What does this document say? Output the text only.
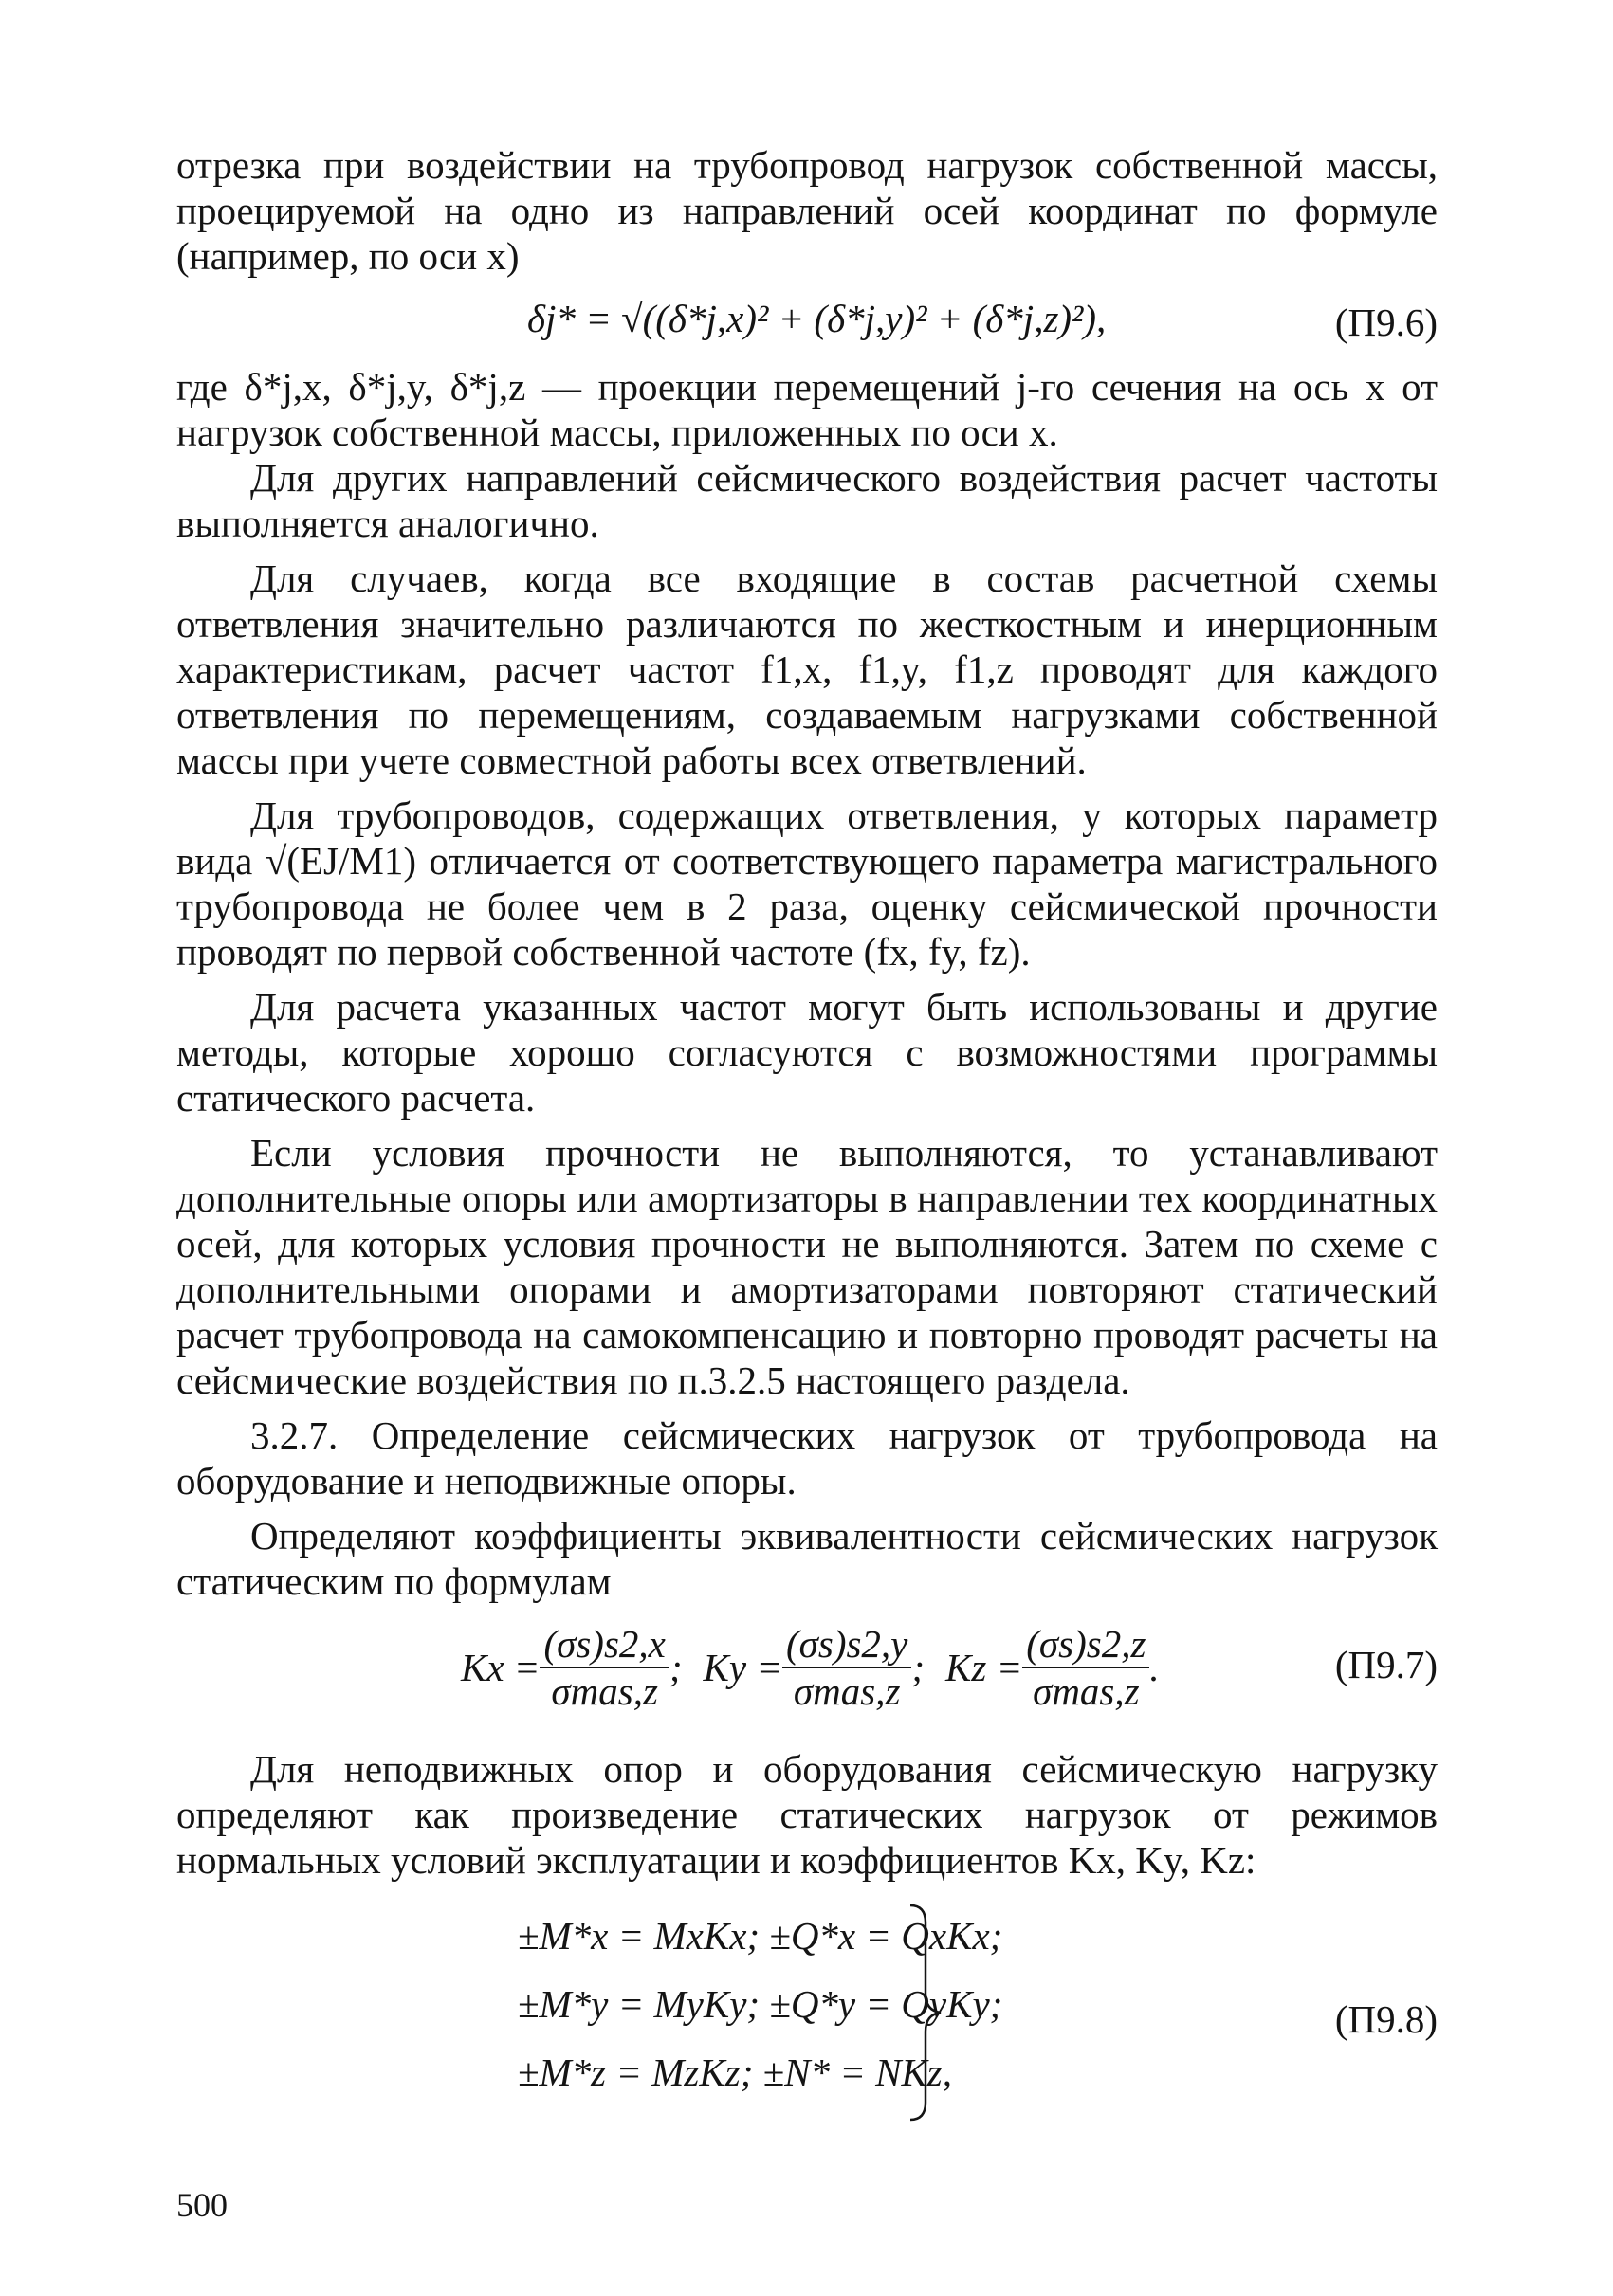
отрезка при воздействии на трубопровод нагрузок собственной массы, проецируемой на одно из направлений осей координат по формуле (например, по оси x)

δj* = √((δ*j,x)² + (δ*j,y)² + (δ*j,z)²),	(П9.6)

где δ*j,x, δ*j,y, δ*j,z — проекции перемещений j-го сечения на ось x от нагрузок собственной массы, приложенных по оси x.

Для других направлений сейсмического воздействия расчет частоты выполняется аналогично.

Для случаев, когда все входящие в состав расчетной схемы ответвления значительно различаются по жесткостным и инерционным характеристикам, расчет частот f1,x, f1,y, f1,z проводят для каждого ответвления по перемещениям, создаваемым нагрузками собственной массы при учете совместной работы всех ответвлений.

Для трубопроводов, содержащих ответвления, у которых параметр вида √(EJ/M1) отличается от соответствующего параметра магистрального трубопровода не более чем в 2 раза, оценку сейсмической прочности проводят по первой собственной частоте (fx, fy, fz).

Для расчета указанных частот могут быть использованы и другие методы, которые хорошо согласуются с возможностями программы статического расчета.

Если условия прочности не выполняются, то устанавливают дополнительные опоры или амортизаторы в направлении тех координатных осей, для которых условия прочности не выполняются. Затем по схеме с дополнительными опорами и амортизаторами повторяют статический расчет трубопровода на самокомпенсацию и повторно проводят расчеты на сейсмические воздействия по п.3.2.5 настоящего раздела.

3.2.7. Определение сейсмических нагрузок от трубопровода на оборудование и неподвижные опоры.

Определяют коэффициенты эквивалентности сейсмических нагрузок статическим по формулам

$Kx = \frac{(\sigma s)s2,x}{\text{σmas,z}}$ ; $Ky = \frac{(\sigma s)s2,y}{\text{σmas,z}}$ ; $Kz = \frac{(\sigma s)s2,z}{\text{σmas,z}}$ .	(П9.7)

Для неподвижных опор и оборудования сейсмическую нагрузку определяют как произведение статических нагрузок от режимов нормальных условий эксплуатации и коэффициентов Kx, Ky, Kz:

±M*x = MxKx; ±Q*x = QxKx;
±M*y = MyKy; ±Q*y = QyKy;
±M*z = MzKz; ±N* = NKz,
(П9.8)
500
